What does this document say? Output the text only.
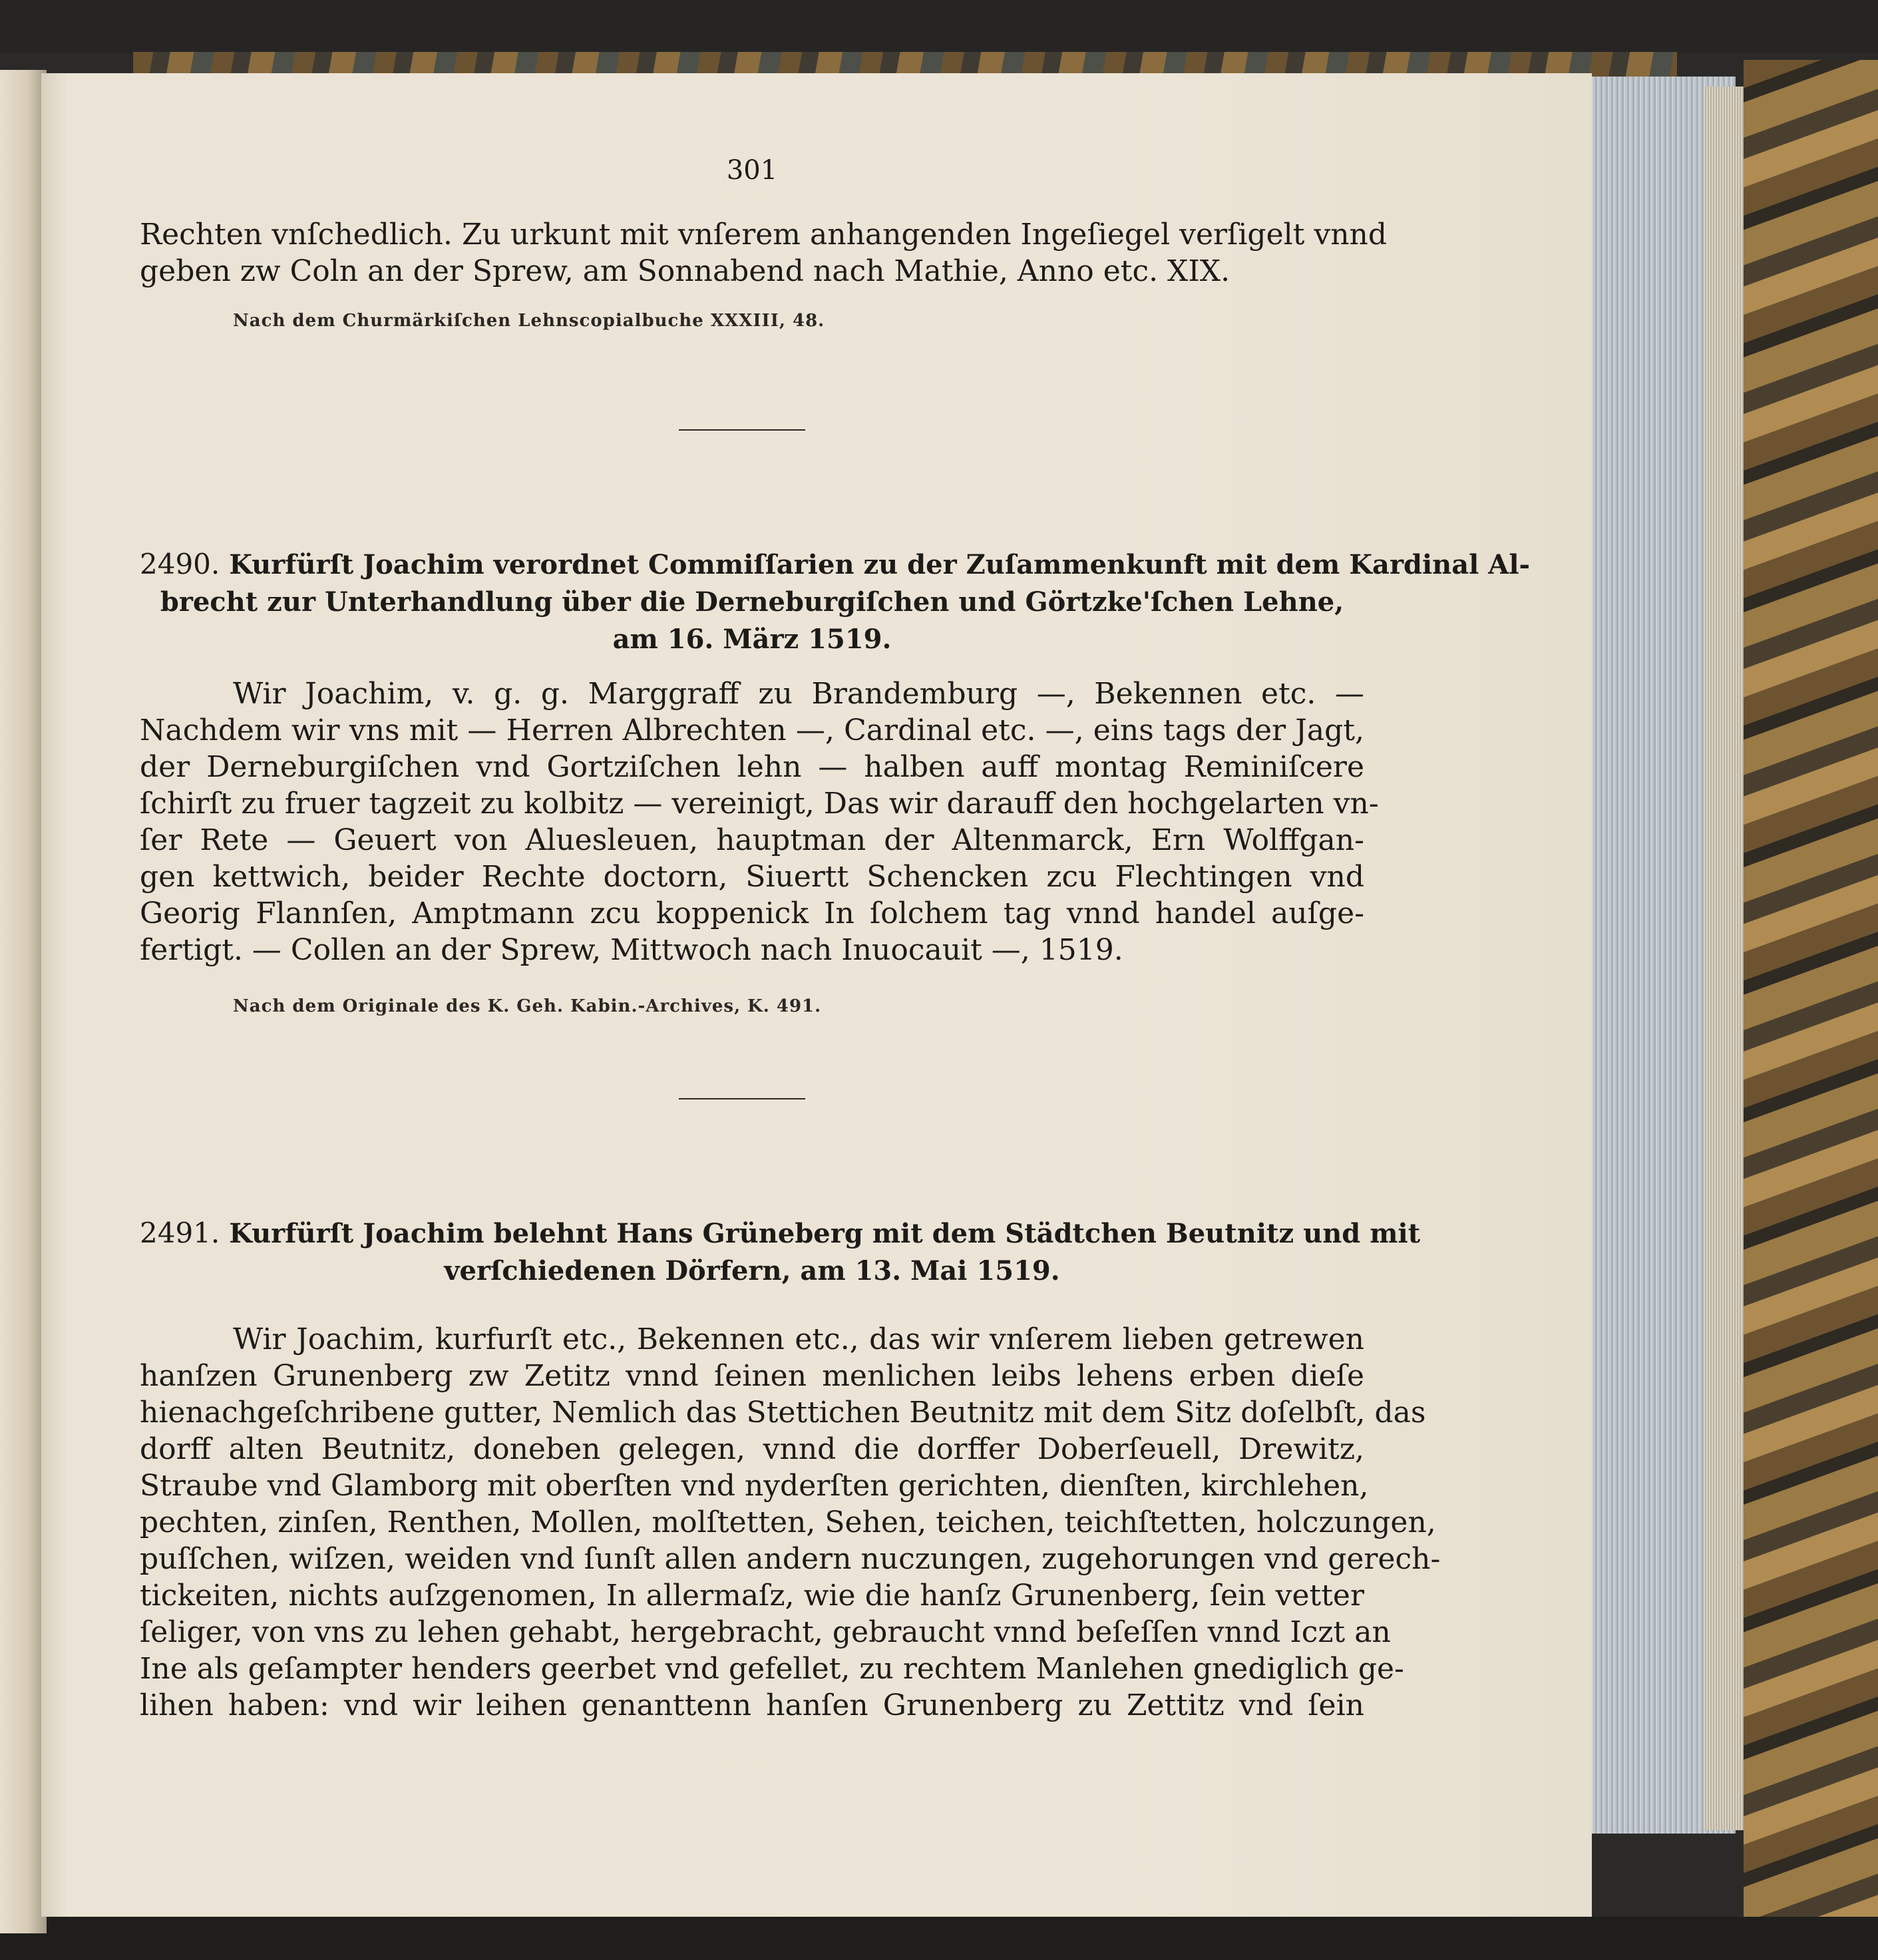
301
Rechten vnſchedlich. Zu urkunt mit vnſerem anhangenden Ingeſiegel verſigelt vnnd
geben zw Coln an der Sprew, am Sonnabend nach Mathie, Anno etc. XIX.
Nach dem Churmärkiſchen Lehnscopialbuche XXXIII, 48.
2490. Kurfürſt Joachim verordnet Commiſſarien zu der Zuſammenkunft mit dem Kardinal Al-
brecht zur Unterhandlung über die Derneburgiſchen und Görtzke'ſchen Lehne,
am 16. März 1519.
Wir Joachim, v. g. g. Marggraff zu Brandemburg —, Bekennen etc. —
Nachdem wir vns mit — Herren Albrechten —, Cardinal etc. —, eins tags der Jagt,
der Derneburgiſchen vnd Gortziſchen lehn — halben auff montag Reminiſcere
ſchirſt zu fruer tagzeit zu kolbitz — vereinigt, Das wir darauff den hochgelarten vn-
ſer Rete — Geuert von Aluesleuen, hauptman der Altenmarck, Ern Wolffgan-
gen kettwich, beider Rechte doctorn, Siuertt Schencken zcu Flechtingen vnd
Georig Flannſen, Amptmann zcu koppenick In ſolchem tag vnnd handel auſge-
fertigt. — Collen an der Sprew, Mittwoch nach Inuocauit —, 1519.
Nach dem Originale des K. Geh. Kabin.-Archives, K. 491.
2491. Kurfürſt Joachim belehnt Hans Grüneberg mit dem Städtchen Beutnitz und mit
verſchiedenen Dörfern, am 13. Mai 1519.
Wir Joachim, kurfurſt etc., Bekennen etc., das wir vnſerem lieben getrewen
hanſzen Grunenberg zw Zetitz vnnd ſeinen menlichen leibs lehens erben dieſe
hienachgeſchribene gutter, Nemlich das Stettichen Beutnitz mit dem Sitz doſelbſt, das
dorff alten Beutnitz, doneben gelegen, vnnd die dorffer Doberſeuell, Drewitz,
Straube vnd Glamborg mit oberſten vnd nyderſten gerichten, dienſten, kirchlehen,
pechten, zinſen, Renthen, Mollen, molſtetten, Sehen, teichen, teichſtetten, holczungen,
puſſchen, wiſzen, weiden vnd ſunſt allen andern nuczungen, zugehorungen vnd gerech-
tickeiten, nichts auſzgenomen, In allermaſz, wie die hanſz Grunenberg, ſein vetter
ſeliger, von vns zu lehen gehabt, hergebracht, gebraucht vnnd beſeſſen vnnd Iczt an
Ine als geſampter henders geerbet vnd gefellet, zu rechtem Manlehen gnediglich ge-
lihen haben: vnd wir leihen genanttenn hanſen Grunenberg zu Zettitz vnd ſein
